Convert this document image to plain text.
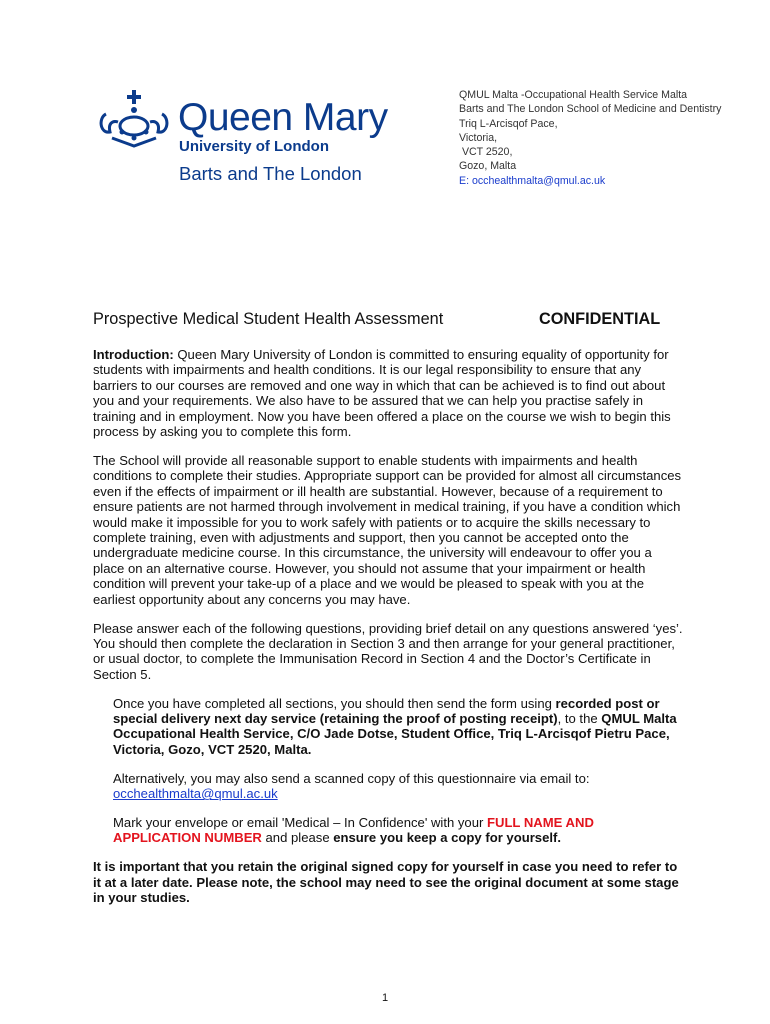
Queen Mary
University of London
Barts and The London
QMUL Malta -Occupational Health Service Malta
Barts and The London School of Medicine and Dentistry
Triq L-Arcisqof Pace,
Victoria,
VCT 2520,
Gozo, Malta
E: occhealthmalta@qmul.ac.uk
Prospective Medical Student Health Assessment	CONFIDENTIAL

Introduction: Queen Mary University of London is committed to ensuring equality of opportunity for students with impairments and health conditions. It is our legal responsibility to ensure that any barriers to our courses are removed and one way in which that can be achieved is to find out about you and your requirements. We also have to be assured that we can help you practise safely in training and in employment. Now you have been offered a place on the course we wish to begin this process by asking you to complete this form.

The School will provide all reasonable support to enable students with impairments and health conditions to complete their studies. Appropriate support can be provided for almost all circumstances even if the effects of impairment or ill health are substantial. However, because of a requirement to ensure patients are not harmed through involvement in medical training, if you have a condition which would make it impossible for you to work safely with patients or to acquire the skills necessary to complete training, even with adjustments and support, then you cannot be accepted onto the undergraduate medicine course. In this circumstance, the university will endeavour to offer you a place on an alternative course. However, you should not assume that your impairment or health condition will prevent your take-up of a place and we would be pleased to speak with you at the earliest opportunity about any concerns you may have.

Please answer each of the following questions, providing brief detail on any questions answered ‘yes’. You should then complete the declaration in Section 3 and then arrange for your general practitioner, or usual doctor, to complete the Immunisation Record in Section 4 and the Doctor’s Certificate in Section 5.

Once you have completed all sections, you should then send the form using recorded post or special delivery next day service (retaining the proof of posting receipt), to the QMUL Malta Occupational Health Service, C/O Jade Dotse, Student Office, Triq L-Arcisqof Pietru Pace, Victoria, Gozo, VCT 2520, Malta.

Alternatively, you may also send a scanned copy of this questionnaire via email to:
occhealthmalta@qmul.ac.uk

Mark your envelope or email 'Medical – In Confidence' with your FULL NAME AND APPLICATION NUMBER and please ensure you keep a copy for yourself.

It is important that you retain the original signed copy for yourself in case you need to refer to it at a later date. Please note, the school may need to see the original document at some stage in your studies.

1
